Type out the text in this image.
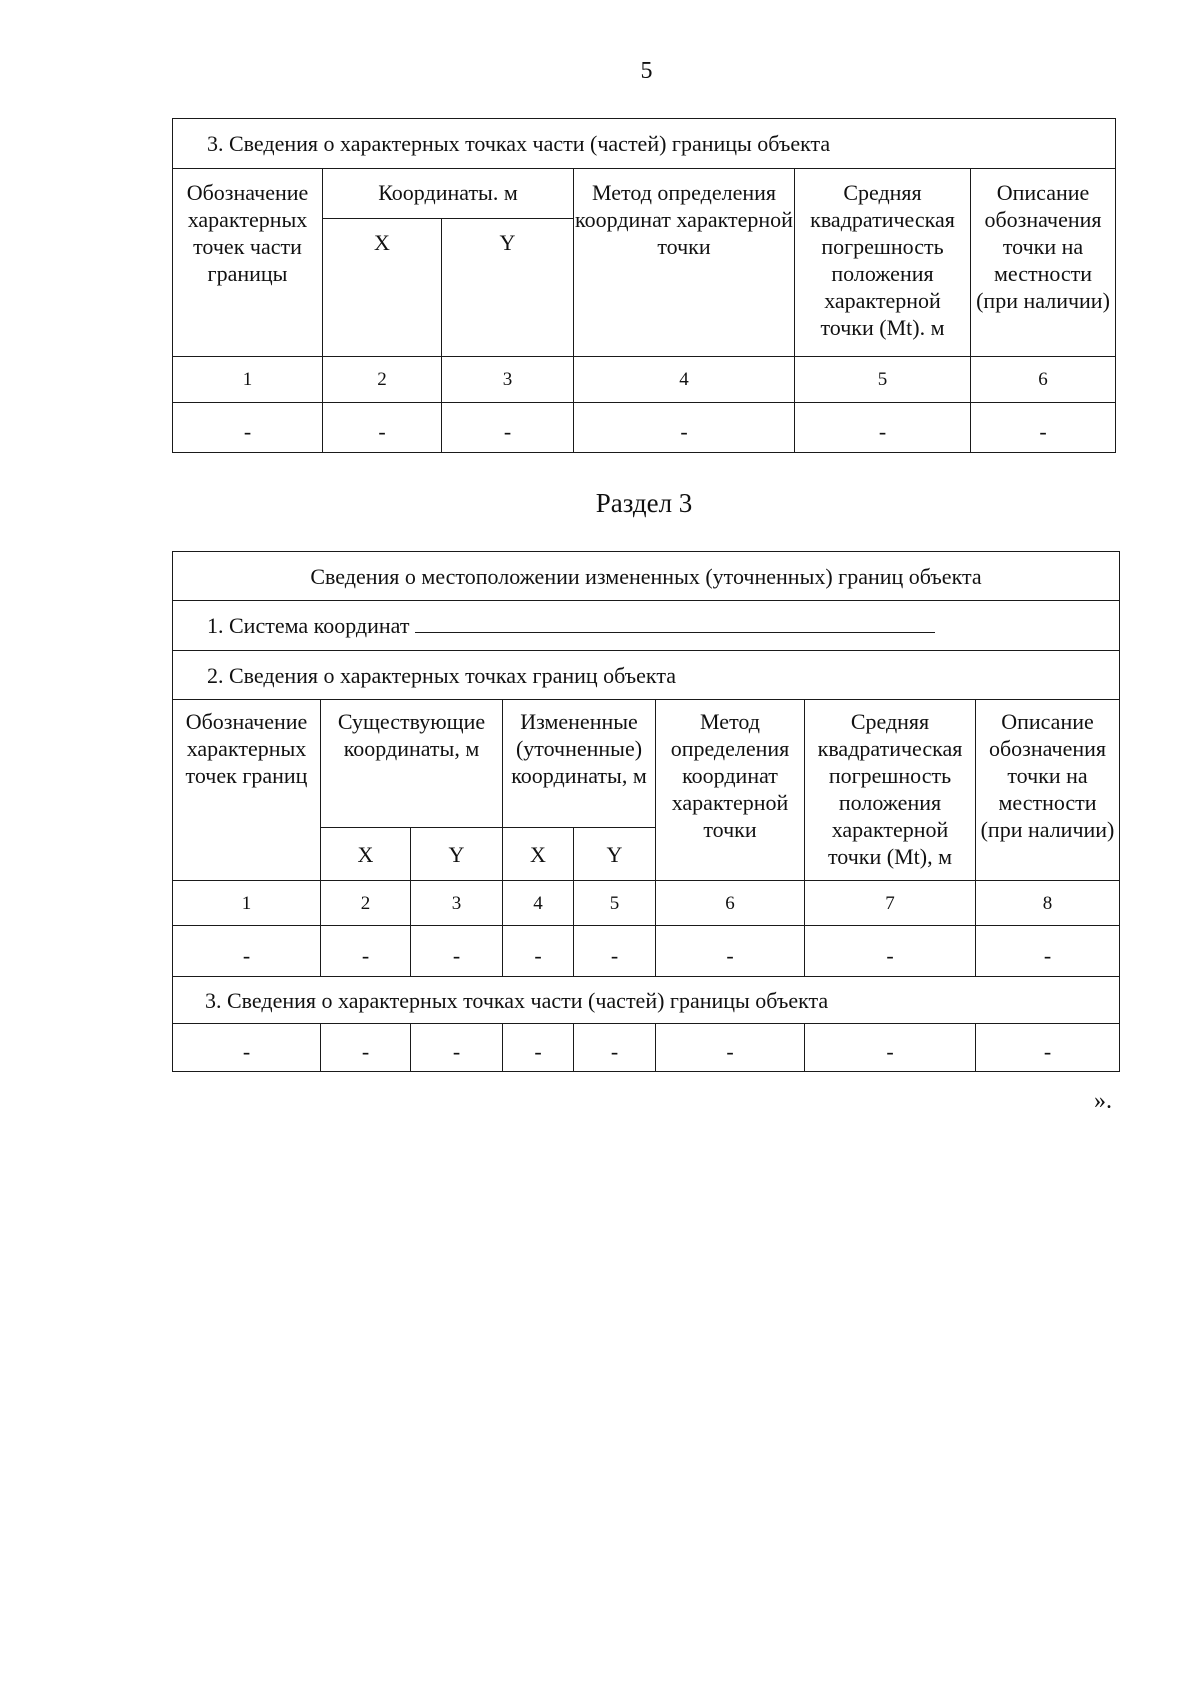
5
3. Сведения о характерных точках части (частей) границы объекта					
Обозначение характерных точек части границы	Координаты. м		Метод определения координат характерной точки	Средняя квадратическая погрешность положения характерной точки (Mt). м	Описание обозначения точки на местности (при наличии)
	X	Y			
1	2	3	4	5	6
-	-	-	-	-	-
Раздел 3
Сведения о местоположении измененных (уточненных) границ объекта							
1. Система координат							
2. Сведения о характерных точках границ объекта							
Обозначение характерных точек границ	Существующие координаты, м		Измененные (уточненные) координаты, м		Метод определения координат характерной точки	Средняя квадратическая погрешность положения характерной точки (Mt), м	Описание обозначения точки на местности (при наличии)
	X	Y	X	Y			
1	2	3	4	5	6	7	8
-	-	-	-	-	-	-	-
3. Сведения о характерных точках части (частей) границы объекта							
-	-	-	-	-	-	-	-
».
